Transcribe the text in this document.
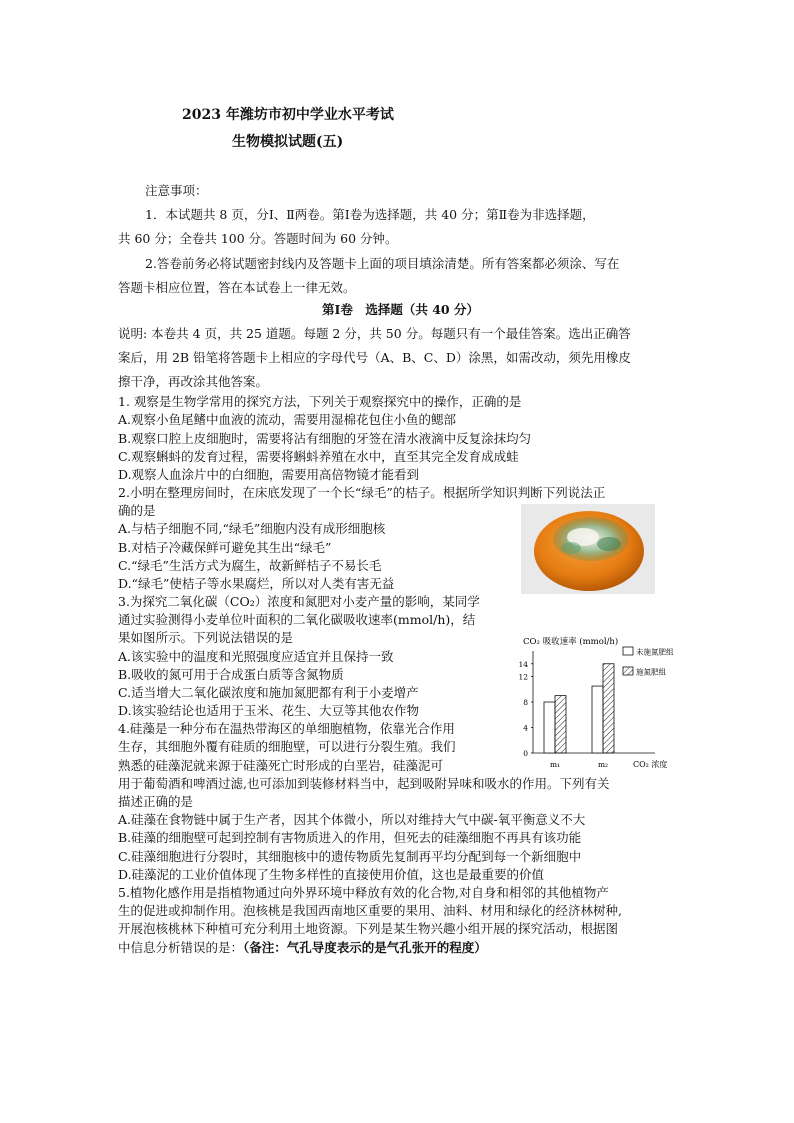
2023 年潍坊市初中学业水平考试
生物模拟试题(五)
注意事项：
1．本试题共 8 页，分Ⅰ、Ⅱ两卷。第Ⅰ卷为选择题，共 40 分；第Ⅱ卷为非选择题，
共 60 分；全卷共 100 分。答题时间为 60 分钟。
2.答卷前务必将试题密封线内及答题卡上面的项目填涂清楚。所有答案都必须涂、写在
答题卡相应位置，答在本试卷上一律无效。
第Ⅰ卷　选择题（共 40 分）
说明: 本卷共 4 页，共 25 道题。每题 2 分，共 50 分。每题只有一个最佳答案。选出正确答
案后，用 2B 铅笔将答题卡上相应的字母代号（A、B、C、D）涂黑，如需改动，须先用橡皮
擦干净，再改涂其他答案。
1. 观察是生物学常用的探究方法，下列关于观察探究中的操作，正确的是
A.观察小鱼尾鳍中血液的流动，需要用湿棉花包住小鱼的鳃部
B.观察口腔上皮细胞时，需要将沾有细胞的牙签在清水液滴中反复涂抹均匀
C.观察蝌蚪的发育过程，需要将蝌蚪养殖在水中，直至其完全发育成成蛙
D.观察人血涂片中的白细胞，需要用高倍物镜才能看到
2.小明在整理房间时，在床底发现了一个长“绿毛”的桔子。根据所学知识判断下列说法正
确的是
A.与桔子细胞不同,“绿毛”细胞内没有成形细胞核
B.对桔子冷藏保鲜可避免其生出“绿毛”
C.“绿毛”生活方式为腐生，故新鲜桔子不易长毛
D.“绿毛”使桔子等水果腐烂，所以对人类有害无益
3.为探究二氧化碳（CO₂）浓度和氮肥对小麦产量的影响，某同学
通过实验测得小麦单位叶面积的二氧化碳吸收速率(mmol/h)，结
果如图所示。下列说法错误的是
A.该实验中的温度和光照强度应适宜并且保持一致
B.吸收的氮可用于合成蛋白质等含氮物质
C.适当增大二氧化碳浓度和施加氮肥都有利于小麦增产
D.该实验结论也适用于玉米、花生、大豆等其他农作物
CO₂ 吸收速率 (mmol/h)
0
4
8
12
14
m₁	m₂	CO₂ 浓度
未施氮肥组
施氮肥组
4.硅藻是一种分布在温热带海区的单细胞植物，依靠光合作用
生存，其细胞外覆有硅质的细胞壁，可以进行分裂生殖。我们
熟悉的硅藻泥就来源于硅藻死亡时形成的白垩岩，硅藻泥可
用于葡萄酒和啤酒过滤,也可添加到装修材料当中，起到吸附异味和吸水的作用。下列有关
描述正确的是
A.硅藻在食物链中属于生产者，因其个体微小，所以对维持大气中碳-氧平衡意义不大
B.硅藻的细胞壁可起到控制有害物质进入的作用，但死去的硅藻细胞不再具有该功能
C.硅藻细胞进行分裂时，其细胞核中的遗传物质先复制再平均分配到每一个新细胞中
D.硅藻泥的工业价值体现了生物多样性的直接使用价值，这也是最重要的价值
5.植物化感作用是指植物通过向外界环境中释放有效的化合物,对自身和相邻的其他植物产
生的促进或抑制作用。泡核桃是我国西南地区重要的果用、油料、材用和绿化的经济林树种,
开展泡核桃林下种植可充分利用土地资源。下列是某生物兴趣小组开展的探究活动，根据图
中信息分析错误的是：（备注：气孔导度表示的是气孔张开的程度）
